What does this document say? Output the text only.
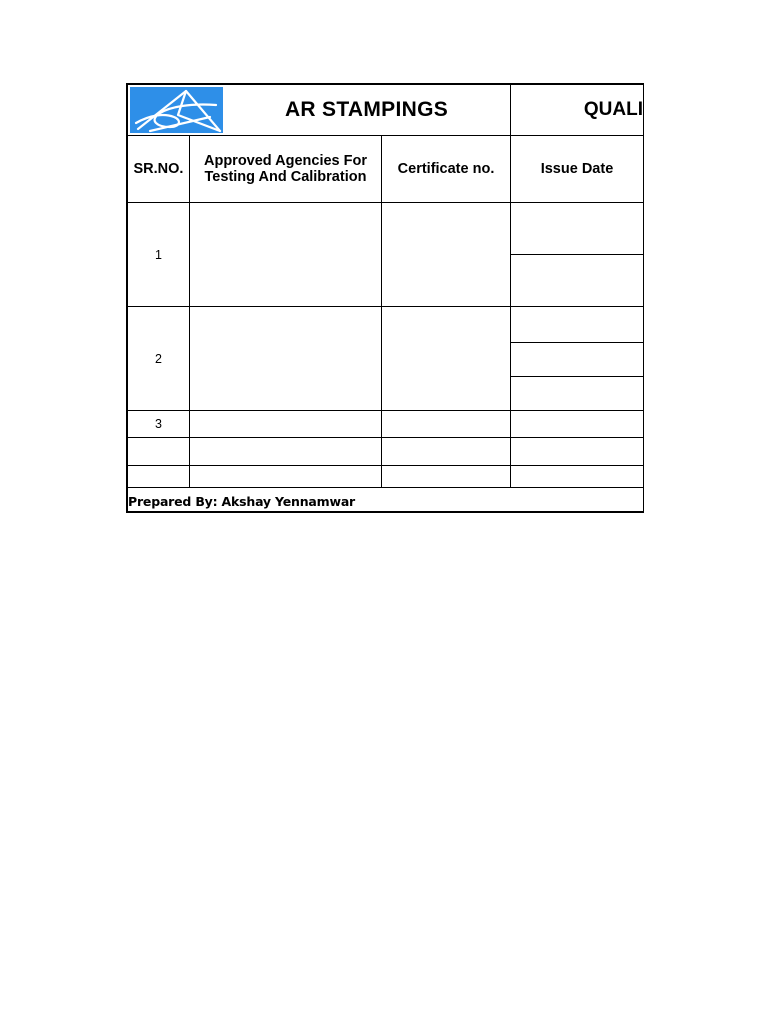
AR STAMPINGS	QUALI
SR.NO.	Approved Agencies For Testing And Calibration	Certificate no.	Issue Date
1
2
3
Prepared By: Akshay Yennamwar
